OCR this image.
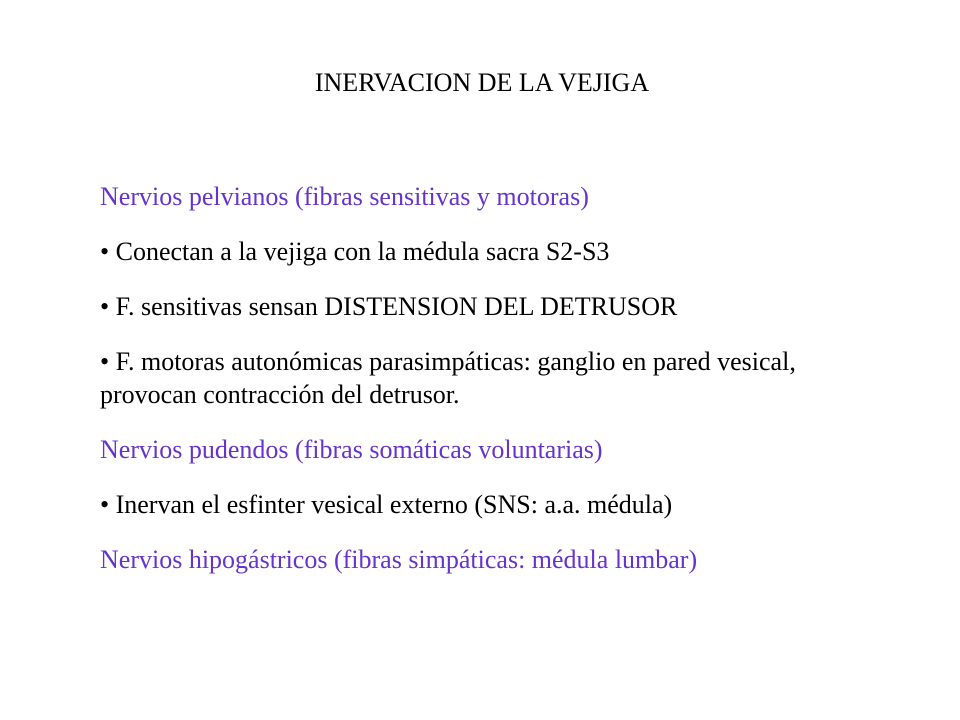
INERVACION DE LA VEJIGA
Nervios pelvianos (fibras sensitivas y motoras)
• Conectan a la vejiga con la médula sacra S2-S3
• F. sensitivas sensan DISTENSION DEL DETRUSOR
• F. motoras autonómicas parasimpáticas: ganglio en pared vesical, provocan contracción del detrusor.
Nervios pudendos (fibras somáticas voluntarias)
• Inervan el esfinter vesical externo (SNS: a.a. médula)
Nervios hipogástricos (fibras simpáticas: médula lumbar)
